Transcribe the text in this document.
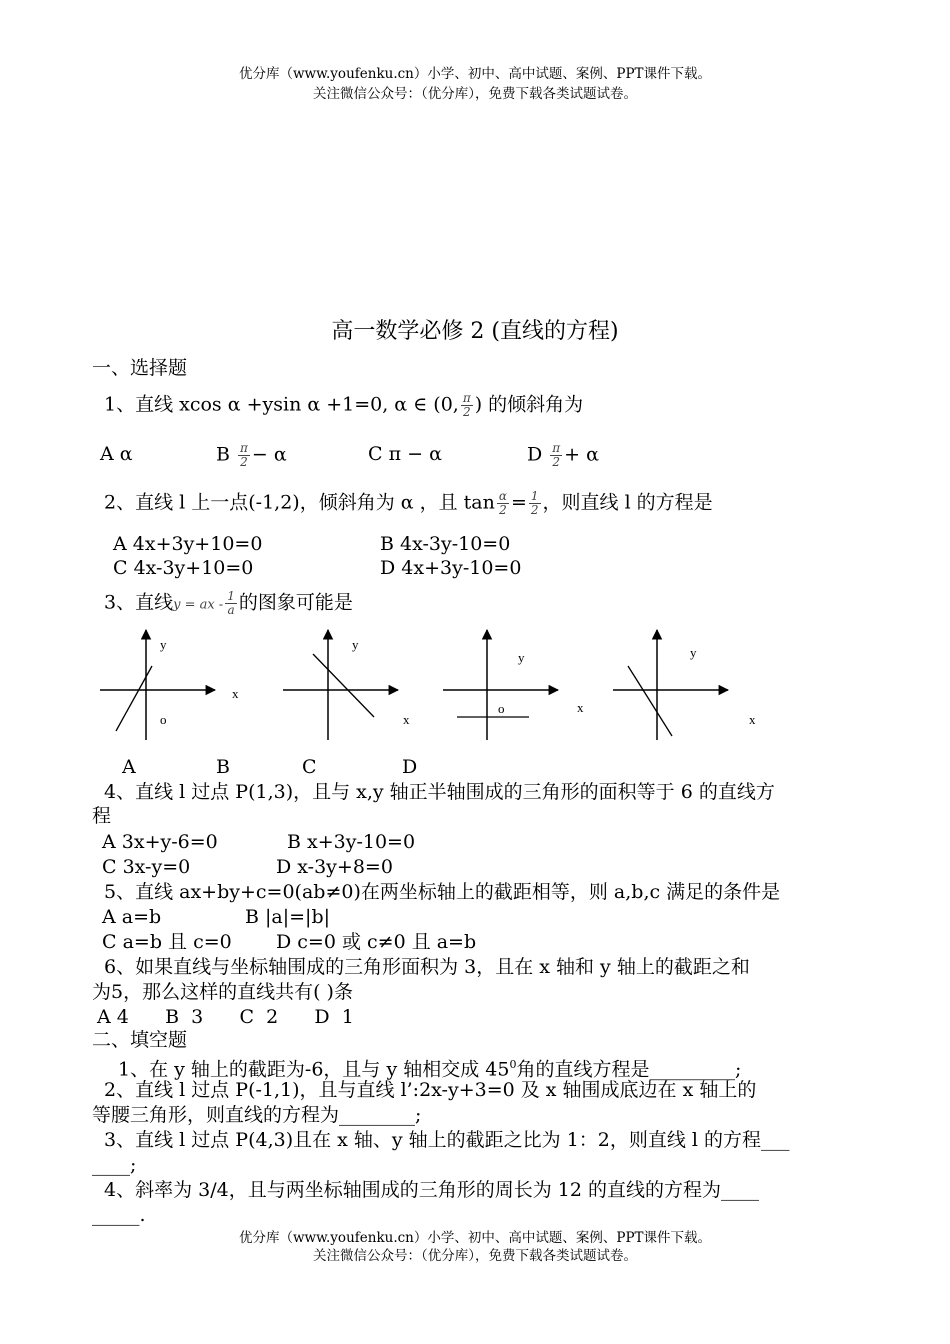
优分库（www.youfenku.cn）小学、初中、高中试题、案例、PPT课件下载。
关注微信公众号：（优分库），免费下载各类试题试卷。
高一数学必修 2 (直线的方程)
一、选择题
1、直线 xcos α +ysin α +1=0, α ∈ (0, $\frac{\pi}{2}$ ) 的倾斜角为
A α	B $\frac{\pi}{2} - \alpha$	C π − α	D $\frac{\pi}{2} + \alpha$
2、直线 l 上一点(-1,2)，倾斜角为 α ，且 $\tan \frac{\alpha}{2} = \frac{1}{2}$ ，则直线 l 的方程是
A 4x+3y+10=0	B 4x-3y-10=0
C 4x-3y+10=0	D 4x+3y-10=0
3、直线y = ax - $\frac{1}{a}$ 的图象可能是
y
x
o
y
x
y
x
o
y
x
A	B	C	D
4、直线 l 过点 P(1,3)，且与 x,y 轴正半轴围成的三角形的面积等于 6 的直线方
程
A 3x+y-6=0	B x+3y-10=0
C 3x-y=0	D x-3y+8=0
5、直线 ax+by+c=0(ab≠0)在两坐标轴上的截距相等，则 a,b,c 满足的条件是
A a=b	B |a|=|b|
C a=b 且 c=0 D c=0 或 c≠0 且 a=b
6、如果直线与坐标轴围成的三角形面积为 3，且在 x 轴和 y 轴上的截距之和
为5，那么这样的直线共有( )条
A 4      B  3      C  2      D  1
二、填空题
1、在 y 轴上的截距为-6，且与 y 轴相交成 $45^0$角的直线方程是_________;
2、直线 l 过点 P(-1,1)，且与直线 l’:2x-y+3=0 及 x 轴围成底边在 x 轴上的
等腰三角形，则直线的方程为________;
3、直线 l 过点 P(4,3)且在 x 轴、y 轴上的截距之比为 1：2，则直线 l 的方程___
____;
4、斜率为 3/4，且与两坐标轴围成的三角形的周长为 12 的直线的方程为____
_____.
优分库（www.youfenku.cn）小学、初中、高中试题、案例、PPT课件下载。
关注微信公众号：（优分库），免费下载各类试题试卷。
